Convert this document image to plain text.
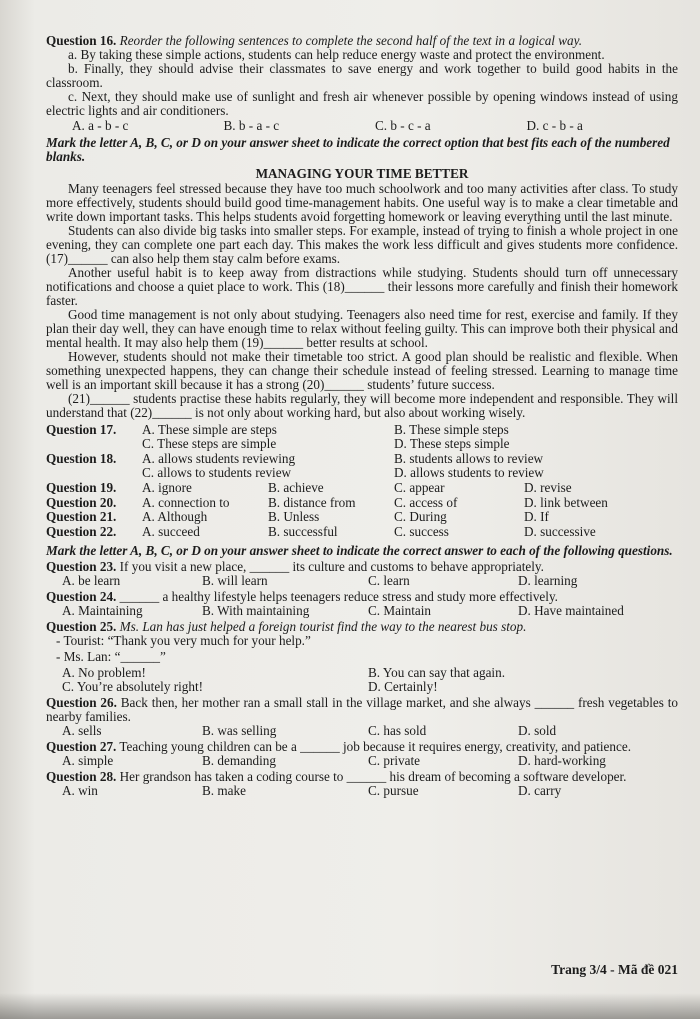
Question 16. Reorder the following sentences to complete the second half of the text in a logical way.

a. By taking these simple actions, students can help reduce energy waste and protect the environment.

b. Finally, they should advise their classmates to save energy and work together to build good habits in the classroom.

c. Next, they should make use of sunlight and fresh air whenever possible by opening windows instead of using electric lights and air conditioners.

A. a - b - c	B. b - a - c	C. b - c - a	D. c - b - a

Mark the letter A, B, C, or D on your answer sheet to indicate the correct option that best fits each of the numbered blanks.

MANAGING YOUR TIME BETTER

Many teenagers feel stressed because they have too much schoolwork and too many activities after class. To study more effectively, students should build good time-management habits. One useful way is to make a clear timetable and write down important tasks. This helps students avoid forgetting homework or leaving everything until the last minute.

Students can also divide big tasks into smaller steps. For example, instead of trying to finish a whole project in one evening, they can complete one part each day. This makes the work less difficult and gives students more confidence. (17)______ can also help them stay calm before exams.

Another useful habit is to keep away from distractions while studying. Students should turn off unnecessary notifications and choose a quiet place to work. This (18)______ their lessons more carefully and finish their homework faster.

Good time management is not only about studying. Teenagers also need time for rest, exercise and family. If they plan their day well, they can have enough time to relax without feeling guilty. This can improve both their physical and mental health. It may also help them (19)______ better results at school.

However, students should not make their timetable too strict. A good plan should be realistic and flexible. When something unexpected happens, they can change their schedule instead of feeling stressed. Learning to manage time well is an important skill because it has a strong (20)______ students’ future success.

(21)______ students practise these habits regularly, they will become more independent and responsible. They will understand that (22)______ is not only about working hard, but also about working wisely.

Question 17.	A. These simple are steps	B. These simple steps
C. These steps are simple	D. These steps simple
Question 18.	A. allows students reviewing	B. students allows to review
C. allows to students review	D. allows students to review
Question 19.	A. ignore	B. achieve	C. appear	D. revise
Question 20.	A. connection to	B. distance from	C. access of	D. link between
Question 21.	A. Although	B. Unless	C. During	D. If
Question 22.	A. succeed	B. successful	C. success	D. successive

Mark the letter A, B, C, or D on your answer sheet to indicate the correct answer to each of the following questions.

Question 23. If you visit a new place, ______ its culture and customs to behave appropriately.

A. be learn	B. will learn	C. learn	D. learning

Question 24. ______ a healthy lifestyle helps teenagers reduce stress and study more effectively.

A. Maintaining	B. With maintaining	C. Maintain	D. Have maintained

Question 25. Ms. Lan has just helped a foreign tourist find the way to the nearest bus stop.

- Tourist: “Thank you very much for your help.”

- Ms. Lan: “______”

A. No problem!	B. You can say that again.
C. You’re absolutely right!	D. Certainly!

Question 26. Back then, her mother ran a small stall in the village market, and she always ______ fresh vegetables to nearby families.

A. sells	B. was selling	C. has sold	D. sold

Question 27. Teaching young children can be a ______ job because it requires energy, creativity, and patience.

A. simple	B. demanding	C. private	D. hard-working

Question 28. Her grandson has taken a coding course to ______ his dream of becoming a software developer.

A. win	B. make	C. pursue	D. carry
Trang 3/4 - Mã đề 021
